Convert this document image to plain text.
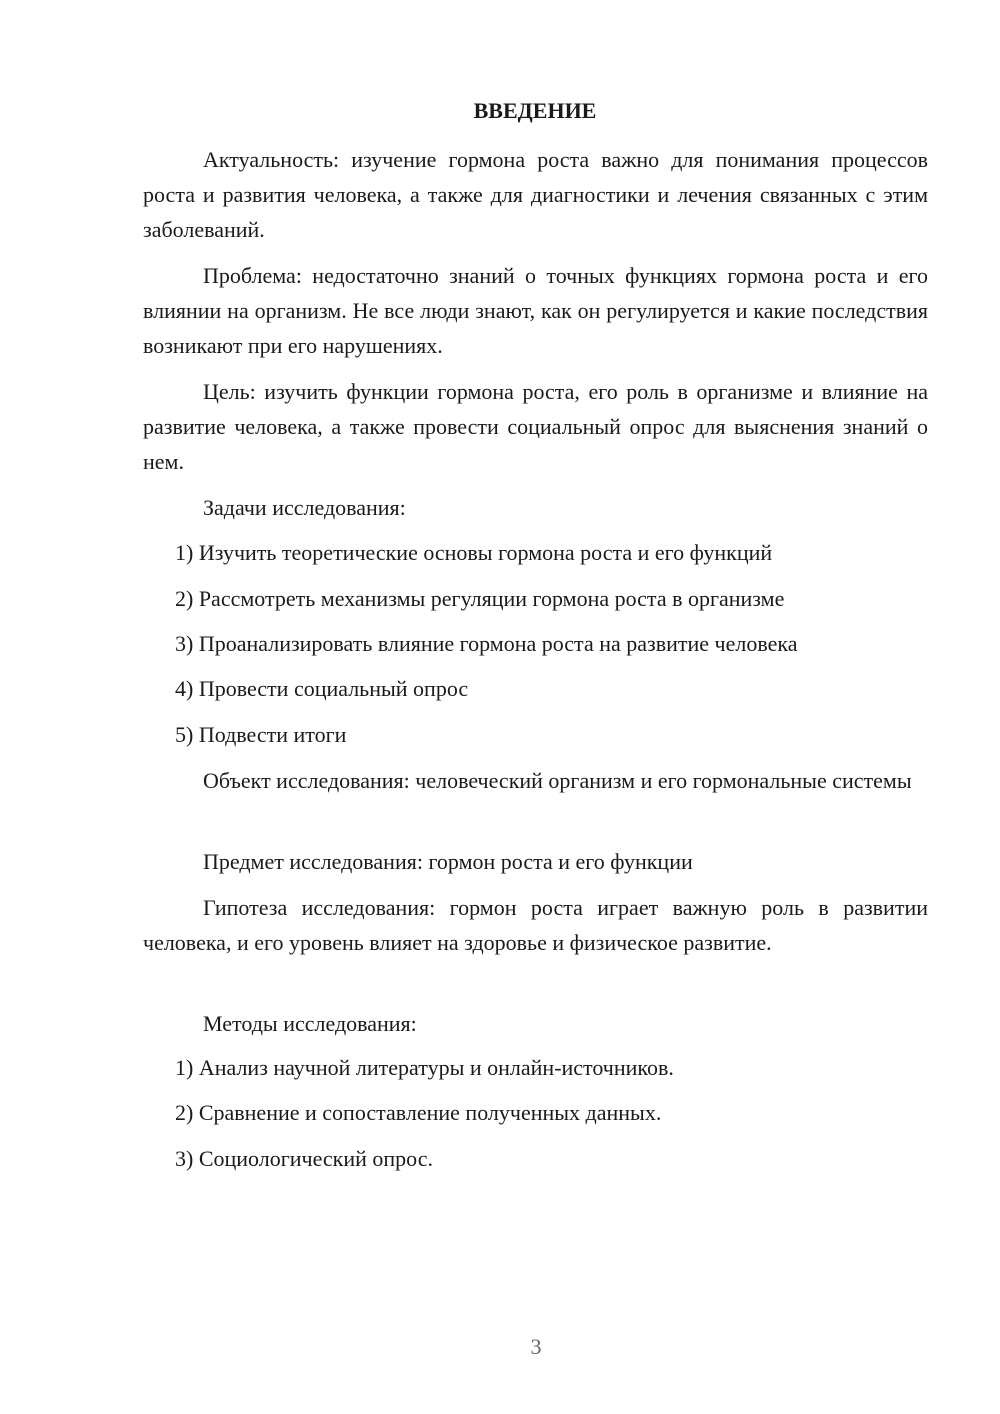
ВВЕДЕНИЕ

Актуальность: изучение гормона роста важно для понимания процессов роста и развития человека, а также для диагностики и лечения связанных с этим заболеваний.

Проблема: недостаточно знаний о точных функциях гормона роста и его влиянии на организм. Не все люди знают, как он регулируется и какие последствия возникают при его нарушениях.

Цель: изучить функции гормона роста, его роль в организме и влияние на развитие человека, а также провести социальный опрос для выяснения знаний о нем.

Задачи исследования:

1) Изучить теоретические основы гормона роста и его функций
2) Рассмотреть механизмы регуляции гормона роста в организме
3) Проанализировать влияние гормона роста на развитие человека
4) Провести социальный опрос
5) Подвести итоги

Объект исследования: человеческий организм и его гормональные системы

Предмет исследования: гормон роста и его функции

Гипотеза исследования: гормон роста играет важную роль в развитии человека, и его уровень влияет на здоровье и физическое развитие.

Методы исследования:

1) Анализ научной литературы и онлайн-источников.
2) Сравнение и сопоставление полученных данных.
3) Социологический опрос.
3
